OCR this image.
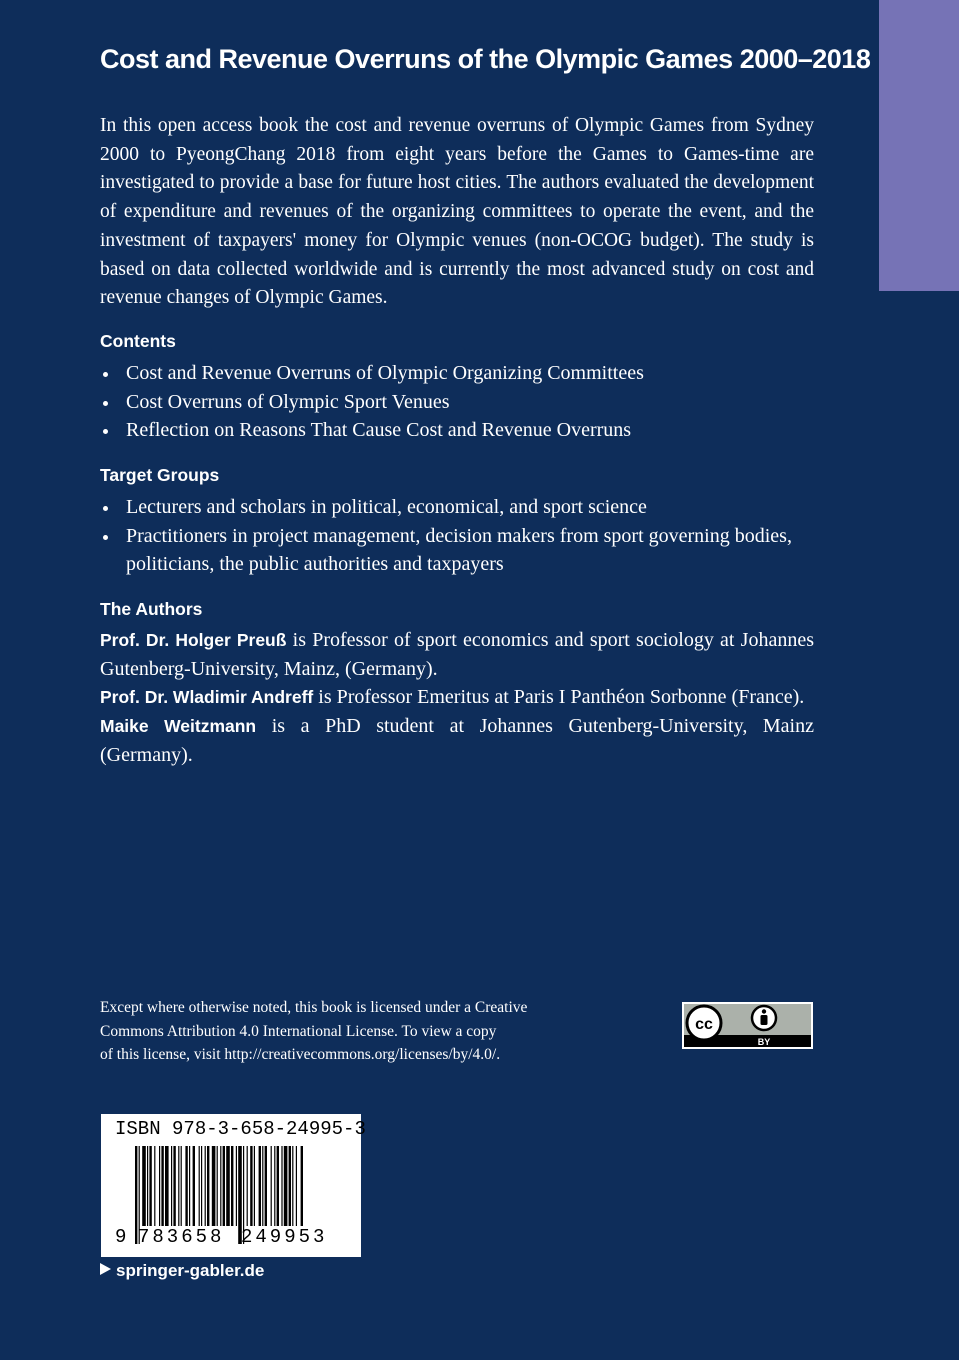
Cost and Revenue Overruns of the Olympic Games 2000–2018

In this open access book the cost and revenue overruns of Olympic Games from Sydney 2000 to PyeongChang 2018 from eight years before the Games to Games-time are investigated to provide a base for future host cities. The authors evaluated the development of expenditure and revenues of the organizing committees to operate the event, and the investment of taxpayers' money for Olympic venues (non-OCOG budget). The study is based on data collected worldwide and is currently the most advanced study on cost and revenue changes of Olympic Games.

Contents
Cost and Revenue Overruns of Olympic Organizing Committees
Cost Overruns of Olympic Sport Venues
Reflection on Reasons That Cause Cost and Revenue Overruns
Target Groups
Lecturers and scholars in political, economical, and sport science
Practitioners in project management, decision makers from sport governing bodies, politicians, the public authorities and taxpayers
The Authors

Prof. Dr. Holger Preuß is Professor of sport economics and sport sociology at Johannes Gutenberg-University, Mainz, (Germany).

Prof. Dr. Wladimir Andreff is Professor Emeritus at Paris I Panthéon Sorbonne (France).

Maike Weitzmann is a PhD student at Johannes Gutenberg-University, Mainz (Germany).

Except where otherwise noted, this book is licensed under a Creative
Commons Attribution 4.0 International License. To view a copy
of this license, visit http://creativecommons.org/licenses/by/4.0/.
cc
BY
ISBN 978-3-658-24995-3
9 783658 249953
springer-gabler.de
